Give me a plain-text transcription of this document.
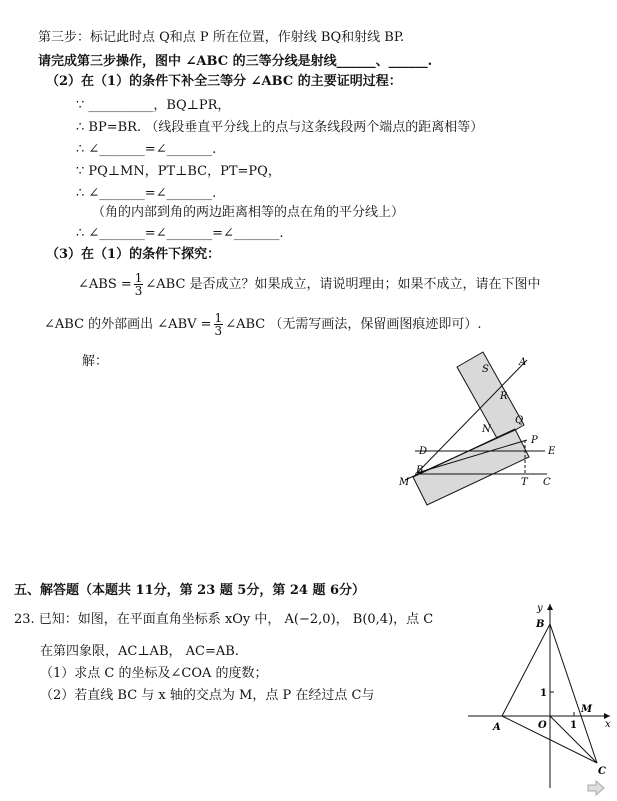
第三步：标记此时点 Q和点 P 所在位置，作射线 BQ和射线 BP.
请完成第三步操作，图中 ∠ABC 的三等分线是射线______、______.
（2）在（1）的条件下补全三等分 ∠ABC 的主要证明过程：
∵ __________，BQ⊥PR，
∴ BP=BR. （线段垂直平分线上的点与这条线段两个端点的距离相等）
∴ ∠_______=∠_______.
∵ PQ⊥MN，PT⊥BC，PT=PQ，
∴ ∠_______=∠_______.
（角的内部到角的两边距离相等的点在角的平分线上）
∴ ∠_______=∠_______=∠_______.
（3）在（1）的条件下探究：
∠ABS = $\frac{1}{3}$ ∠ABC 是否成立？如果成立，请说明理由；如果不成立，请在下图中
∠ABC 的外部画出 ∠ABV = $\frac{1}{3}$ ∠ABC （无需写画法，保留画图痕迹即可）.
解：
S
A
R
Q
N
P
D	E
B
M	T C
五、解答题（本题共 11分，第 23 题 5分，第 24 题 6分）
23. 已知：如图，在平面直角坐标系 xOy 中， A(−2,0)， B(0,4)，点 C
在第四象限，AC⊥AB， AC=AB.
（1）求点 C 的坐标及∠COA 的度数；
（2）若直线 BC 与 x 轴的交点为 M，点 P 在经过点 C与
y
x
B
A	O
M
C
1
1
